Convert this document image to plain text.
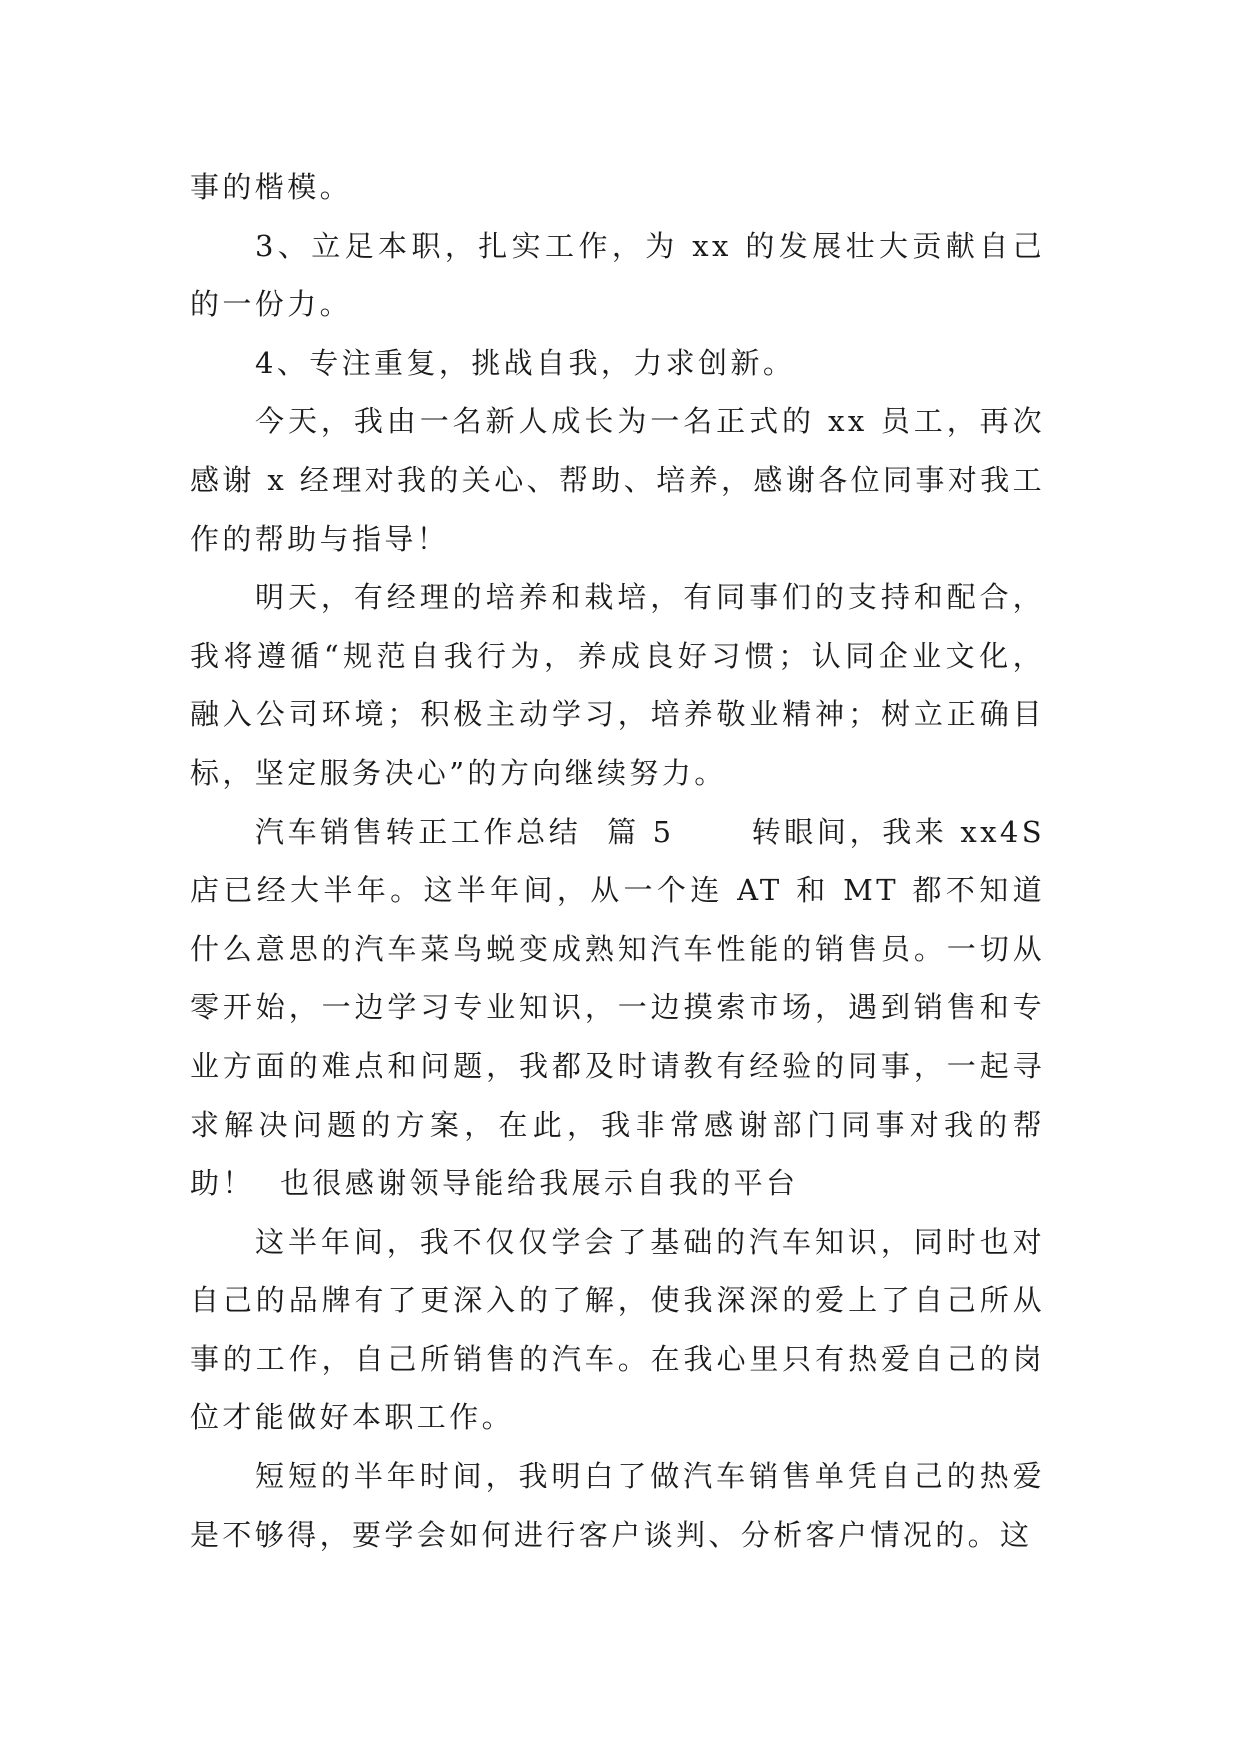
事的楷模。

3、立足本职，扎实工作，为 xx 的发展壮大贡献自己的一份力。

4、专注重复，挑战自我，力求创新。

今天，我由一名新人成长为一名正式的 xx 员工，再次感谢 x 经理对我的关心、帮助、培养，感谢各位同事对我工作的帮助与指导！

明天，有经理的培养和栽培，有同事们的支持和配合，我将遵循“规范自我行为，养成良好习惯；认同企业文化，融入公司环境；积极主动学习，培养敬业精神；树立正确目标，坚定服务决心”的方向继续努力。

汽车销售转正工作总结  篇 5      转眼间，我来 xx4S 店已经大半年。这半年间，从一个连 AT 和 MT 都不知道什么意思的汽车菜鸟蜕变成熟知汽车性能的销售员。一切从零开始，一边学习专业知识，一边摸索市场，遇到销售和专业方面的难点和问题，我都及时请教有经验的同事，一起寻求解决问题的方案，在此，我非常感谢部门同事对我的帮助！  也很感谢领导能给我展示自我的平台

这半年间，我不仅仅学会了基础的汽车知识，同时也对自己的品牌有了更深入的了解，使我深深的爱上了自己所从事的工作，自己所销售的汽车。在我心里只有热爱自己的岗位才能做好本职工作。

短短的半年时间，我明白了做汽车销售单凭自己的热爱是不够得，要学会如何进行客户谈判、分析客户情况的。这
